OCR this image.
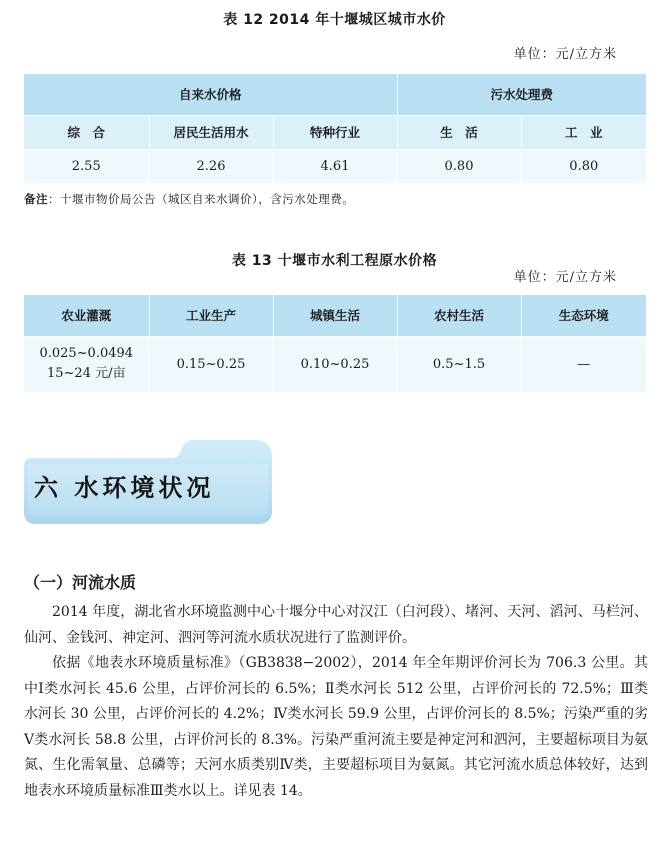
表 12 2014 年十堰城区城市水价
单位：元/立方米
自来水价格			污水处理费	
综　合	居民生活用水	特种行业	生　活	工　业
2.55	2.26	4.61	0.80	0.80
备注：十堰市物价局公告（城区自来水调价），含污水处理费。
表 13 十堰市水利工程原水价格
单位：元/立方米
农业灌溉	工业生产	城镇生活	农村生活	生态环境

0.025~0.0494
15~24 元/亩	0.15~0.25	0.10~0.25	0.5~1.5	—
六 水环境状况
（一）河流水质

2014 年度，湖北省水环境监测中心十堰分中心对汉江（白河段）、堵河、天河、滔河、马栏河、仙河、金钱河、神定河、泗河等河流水质状况进行了监测评价。

依据《地表水环境质量标准》（GB3838−2002），2014 年全年期评价河长为 706.3 公里。其中Ⅰ类水河长 45.6 公里，占评价河长的 6.5%；Ⅱ类水河长 512 公里，占评价河长的 72.5%；Ⅲ类水河长 30 公里，占评价河长的 4.2%；Ⅳ类水河长 59.9 公里，占评价河长的 8.5%；污染严重的劣Ⅴ类水河长 58.8 公里，占评价河长的 8.3%。污染严重河流主要是神定河和泗河，主要超标项目为氨氮、生化需氧量、总磷等；天河水质类别Ⅳ类，主要超标项目为氨氮。其它河流水质总体较好，达到地表水环境质量标准Ⅲ类水以上。详见表 14。
